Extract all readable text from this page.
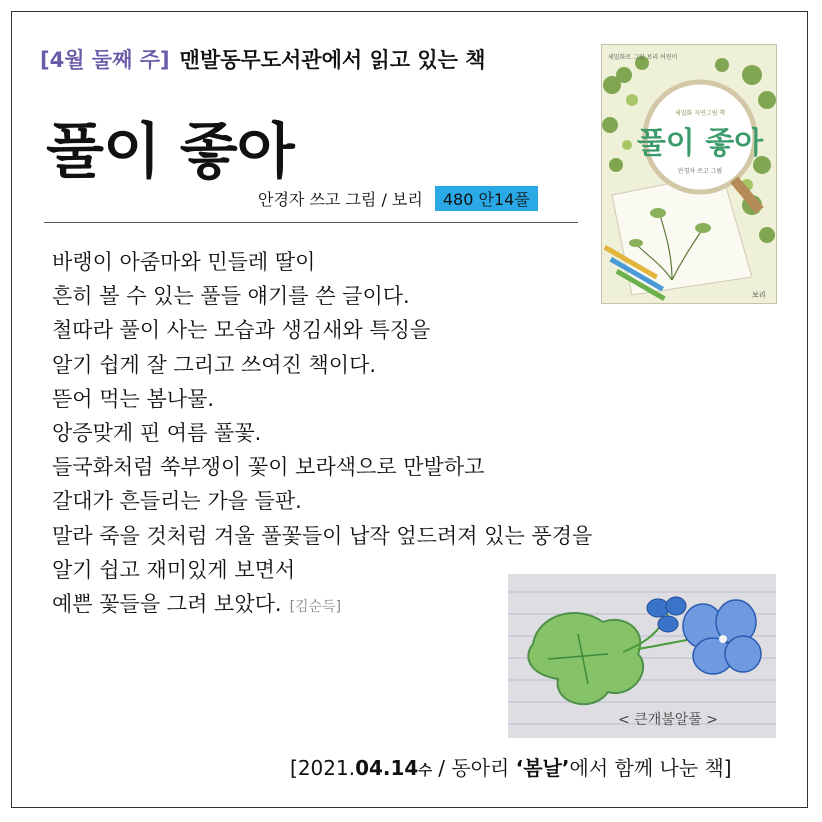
[4월 둘째 주] 맨발동무도서관에서 읽고 있는 책
풀이 좋아
안경자 쓰고 그림 / 보리	480 안14풀
세밀화 자연그림 책
풀이 좋아
안경자 쓰고 그림
세밀화로 그린 보리 어린이
보리
바랭이 아줌마와 민들레 딸이
흔히 볼 수 있는 풀들 얘기를 쓴 글이다.
철따라 풀이 사는 모습과 생김새와 특징을
알기 쉽게 잘 그리고 쓰여진 책이다.
뜯어 먹는 봄나물.
앙증맞게 핀 여름 풀꽃.
들국화처럼 쑥부쟁이 꽃이 보라색으로 만발하고
갈대가 흔들리는 가을 들판.
말라 죽을 것처럼 겨울 풀꽃들이 납작 엎드려져 있는 풍경을
알기 쉽고 재미있게 보면서
예쁜 꽃들을 그려 보았다. [김순득]
< 큰개불알풀 >
[2021.04.14수 / 동아리 ‘봄날’에서 함께 나눈 책]
